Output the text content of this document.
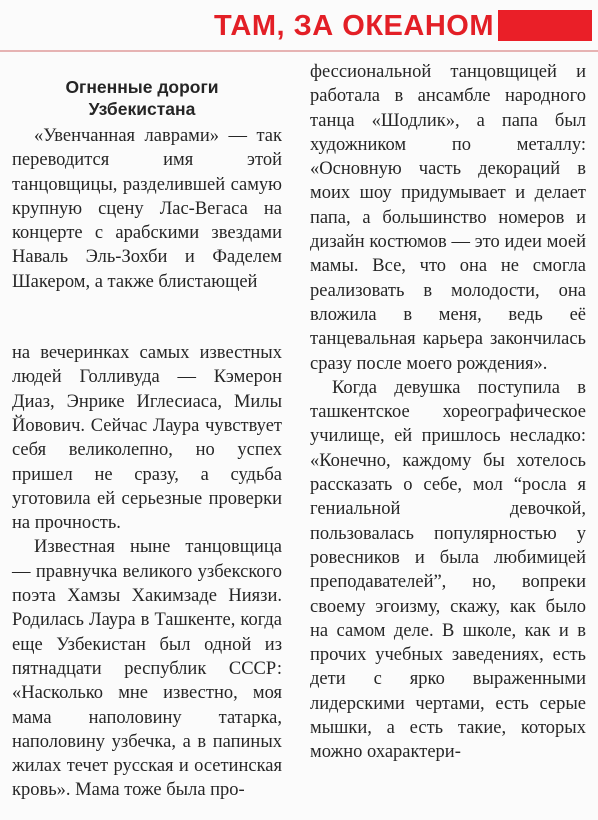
ТАМ, ЗА ОКЕАНОМ
Огненные дороги Узбекистана

«Увенчанная лаврами» — так переводится имя этой танцовщицы, разделившей самую крупную сцену Лас-Вегаса на концерте с арабскими звездами Наваль Эль-Зохби и Фаделем Шакером, а также блистающей

на вечеринках самых известных людей Голливуда — Кэмерон Диаз, Энрике Иглесиаса, Милы Йовович. Сейчас Лаура чувствует себя великолепно, но успех пришел не сразу, а судьба уготовила ей серьезные проверки на прочность.

Известная ныне танцовщица — правнучка великого узбекского поэта Хамзы Хакимзаде Ниязи. Родилась Лаура в Ташкенте, когда еще Узбекистан был одной из пятнадцати республик СССР: «Насколько мне известно, моя мама наполовину татарка, наполовину узбечка, а в папиных жилах течет русская и осетинская кровь». Мама тоже была про-

фессиональной танцовщицей и работала в ансамбле народного танца «Шодлик», а папа был художником по металлу: «Основную часть декораций в моих шоу придумывает и делает папа, а большинство номеров и дизайн костюмов — это идеи моей мамы. Все, что она не смогла реализовать в молодости, она вложила в меня, ведь её танцевальная карьера закончилась сразу после моего рождения».

Когда девушка поступила в ташкентское хореографическое училище, ей пришлось несладко: «Конечно, каждому бы хотелось рассказать о себе, мол “росла я гениальной девочкой, пользовалась популярностью у ровесников и была любимицей преподавателей”, но, вопреки своему эгоизму, скажу, как было на самом деле. В школе, как и в прочих учебных заведениях, есть дети с ярко выраженными лидерскими чертами, есть серые мышки, а есть такие, которых можно охарактери-
